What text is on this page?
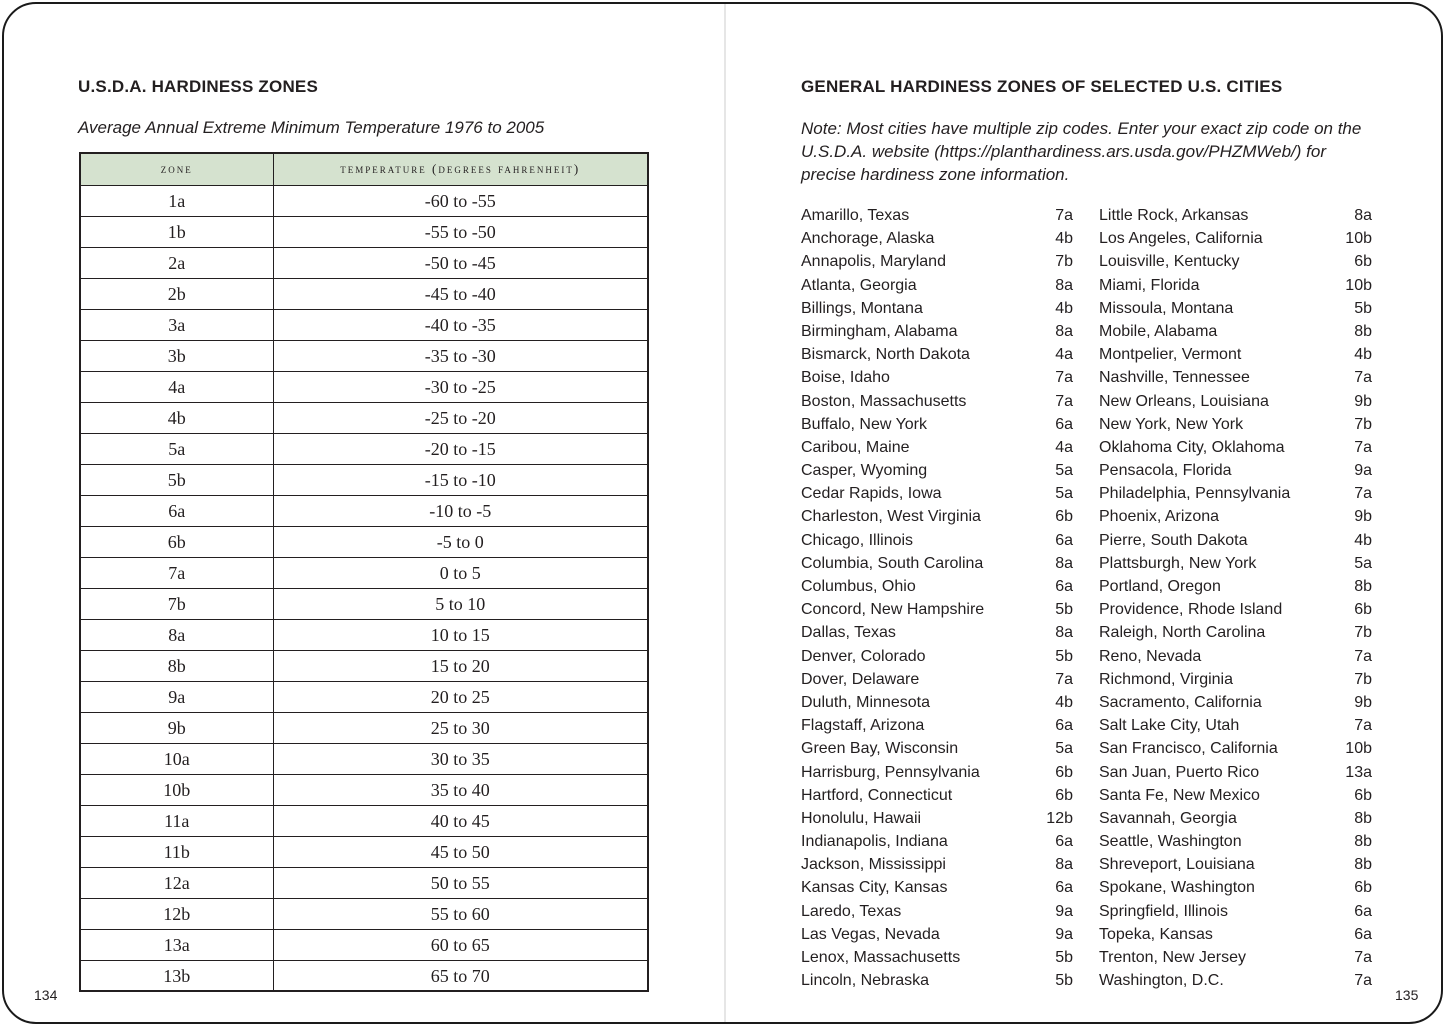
U.S.D.A. HARDINESS ZONES

Average Annual Extreme Minimum Temperature 1976 to 2005

zone	temperature (degrees fahrenheit)
1a	-60 to -55
1b	-55 to -50
2a	-50 to -45
2b	-45 to -40
3a	-40 to -35
3b	-35 to -30
4a	-30 to -25
4b	-25 to -20
5a	-20 to -15
5b	-15 to -10
6a	-10 to -5
6b	-5 to 0
7a	0 to 5
7b	5 to 10
8a	10 to 15
8b	15 to 20
9a	20 to 25
9b	25 to 30
10a	30 to 35
10b	35 to 40
11a	40 to 45
11b	45 to 50
12a	50 to 55
12b	55 to 60
13a	60 to 65
13b	65 to 70
134
GENERAL HARDINESS ZONES OF SELECTED U.S. CITIES

Note: Most cities have multiple zip codes. Enter your exact zip code on the U.S.D.A. website (https://planthardiness.ars.usda.gov/PHZMWeb/) for precise hardiness zone information.

Amarillo, Texas	7a
Anchorage, Alaska	4b
Annapolis, Maryland	7b
Atlanta, Georgia	8a
Billings, Montana	4b
Birmingham, Alabama	8a
Bismarck, North Dakota	4a
Boise, Idaho	7a
Boston, Massachusetts	7a
Buffalo, New York	6a
Caribou, Maine	4a
Casper, Wyoming	5a
Cedar Rapids, Iowa	5a
Charleston, West Virginia	6b
Chicago, Illinois	6a
Columbia, South Carolina	8a
Columbus, Ohio	6a
Concord, New Hampshire	5b
Dallas, Texas	8a
Denver, Colorado	5b
Dover, Delaware	7a
Duluth, Minnesota	4b
Flagstaff, Arizona	6a
Green Bay, Wisconsin	5a
Harrisburg, Pennsylvania	6b
Hartford, Connecticut	6b
Honolulu, Hawaii	12b
Indianapolis, Indiana	6a
Jackson, Mississippi	8a
Kansas City, Kansas	6a
Laredo, Texas	9a
Las Vegas, Nevada	9a
Lenox, Massachusetts	5b
Lincoln, Nebraska	5b
Little Rock, Arkansas	8a
Los Angeles, California	10b
Louisville, Kentucky	6b
Miami, Florida	10b
Missoula, Montana	5b
Mobile, Alabama	8b
Montpelier, Vermont	4b
Nashville, Tennessee	7a
New Orleans, Louisiana	9b
New York, New York	7b
Oklahoma City, Oklahoma	7a
Pensacola, Florida	9a
Philadelphia, Pennsylvania	7a
Phoenix, Arizona	9b
Pierre, South Dakota	4b
Plattsburgh, New York	5a
Portland, Oregon	8b
Providence, Rhode Island	6b
Raleigh, North Carolina	7b
Reno, Nevada	7a
Richmond, Virginia	7b
Sacramento, California	9b
Salt Lake City, Utah	7a
San Francisco, California	10b
San Juan, Puerto Rico	13a
Santa Fe, New Mexico	6b
Savannah, Georgia	8b
Seattle, Washington	8b
Shreveport, Louisiana	8b
Spokane, Washington	6b
Springfield, Illinois	6a
Topeka, Kansas	6a
Trenton, New Jersey	7a
Washington, D.C.	7a
135
